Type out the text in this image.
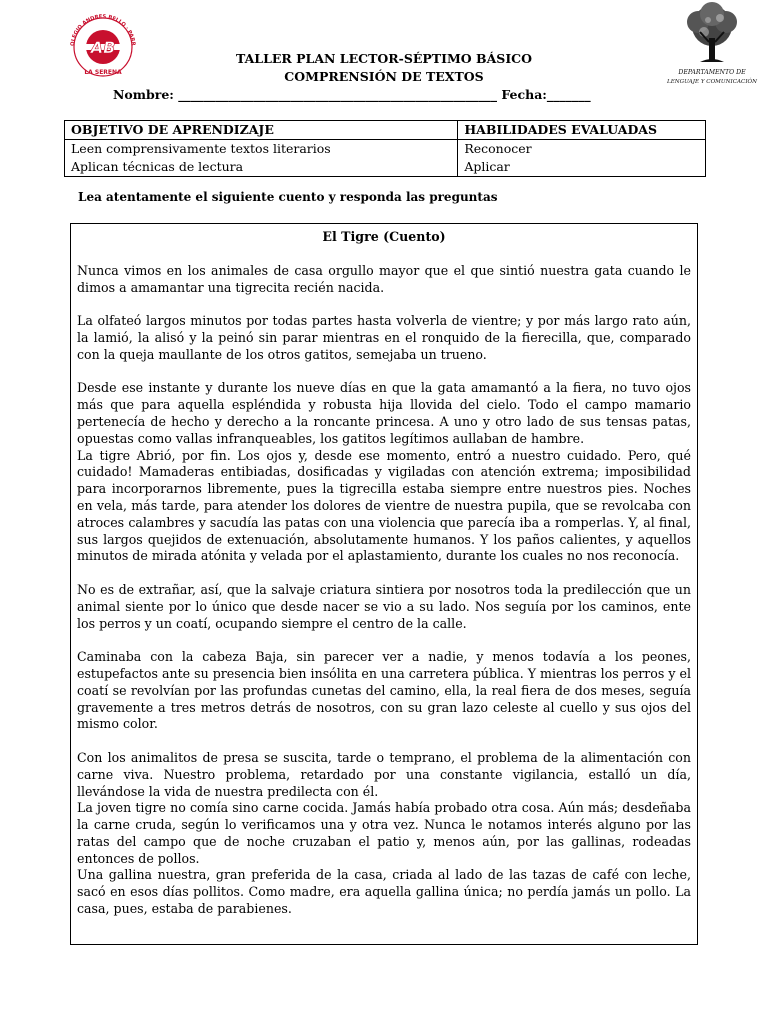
OLEGIO ANDRES BELLO · PARR
AB
LA SERENA	DEPARTAMENTO DE
LENGUAJE Y COMUNICACIÓN
TALLER PLAN LECTOR-SÉPTIMO BÁSICO
COMPRENSIÓN DE TEXTOS
Nombre: ___________________________________________________ Fecha:_______
OBJETIVO DE APRENDIZAJE	HABILIDADES EVALUADAS
Leen comprensivamente textos literarios	Reconocer
Aplican técnicas de lectura	Aplicar
Lea atentamente el siguiente cuento y responda las preguntas
El Tigre (Cuento)

Nunca vimos en los animales de casa orgullo mayor que el que sintió nuestra gata cuando le dimos a amamantar una tigrecita recién nacida.

La olfateó largos minutos por todas partes hasta volverla de vientre; y por más largo rato aún, la lamió, la alisó y la peinó sin parar mientras en el ronquido de la fierecilla, que, comparado con la queja maullante de los otros gatitos, semejaba un trueno.

Desde ese instante y durante los nueve días en que la gata amamantó a la fiera, no tuvo ojos más que para aquella espléndida y robusta hija llovida del cielo. Todo el campo mamario pertenecía de hecho y derecho a la roncante princesa. A uno y otro lado de sus tensas patas, opuestas como vallas infranqueables, los gatitos legítimos aullaban de hambre.

La tigre Abrió, por fin. Los ojos y, desde ese momento, entró a nuestro cuidado. Pero, qué cuidado! Mamaderas entibiadas, dosificadas y vigiladas con atención extrema; imposibilidad para incorporarnos libremente, pues la tigrecilla estaba siempre entre nuestros pies. Noches en vela, más tarde, para atender los dolores de vientre de nuestra pupila, que se revolcaba con atroces calambres y sacudía las patas con una violencia que parecía iba a romperlas. Y, al final, sus largos quejidos de extenuación, absolutamente humanos. Y los paños calientes, y aquellos minutos de mirada atónita y velada por el aplastamiento, durante los cuales no nos reconocía.

No es de extrañar, así, que la salvaje criatura sintiera por nosotros toda la predilección que un animal siente por lo único que desde nacer se vio a su lado. Nos seguía por los caminos, ente los perros y un coatí, ocupando siempre el centro de la calle.

Caminaba con la cabeza Baja, sin parecer ver a nadie, y menos todavía a los peones, estupefactos ante su presencia bien insólita en una carretera pública. Y mientras los perros y el coatí se revolvían por las profundas cunetas del camino, ella, la real fiera de dos meses, seguía gravemente a tres metros detrás de nosotros, con su gran lazo celeste al cuello y sus ojos del mismo color.

Con los animalitos de presa se suscita, tarde o temprano, el problema de la alimentación con carne viva. Nuestro problema, retardado por una constante vigilancia, estalló un día, llevándose la vida de nuestra predilecta con él.

La joven tigre no comía sino carne cocida. Jamás había probado otra cosa. Aún más; desdeñaba la carne cruda, según lo verificamos una y otra vez. Nunca le notamos interés alguno por las ratas del campo que de noche cruzaban el patio y, menos aún, por las gallinas, rodeadas entonces de pollos.

Una gallina nuestra, gran preferida de la casa, criada al lado de las tazas de café con leche, sacó en esos días pollitos. Como madre, era aquella gallina única; no perdía jamás un pollo. La casa, pues, estaba de parabienes.
